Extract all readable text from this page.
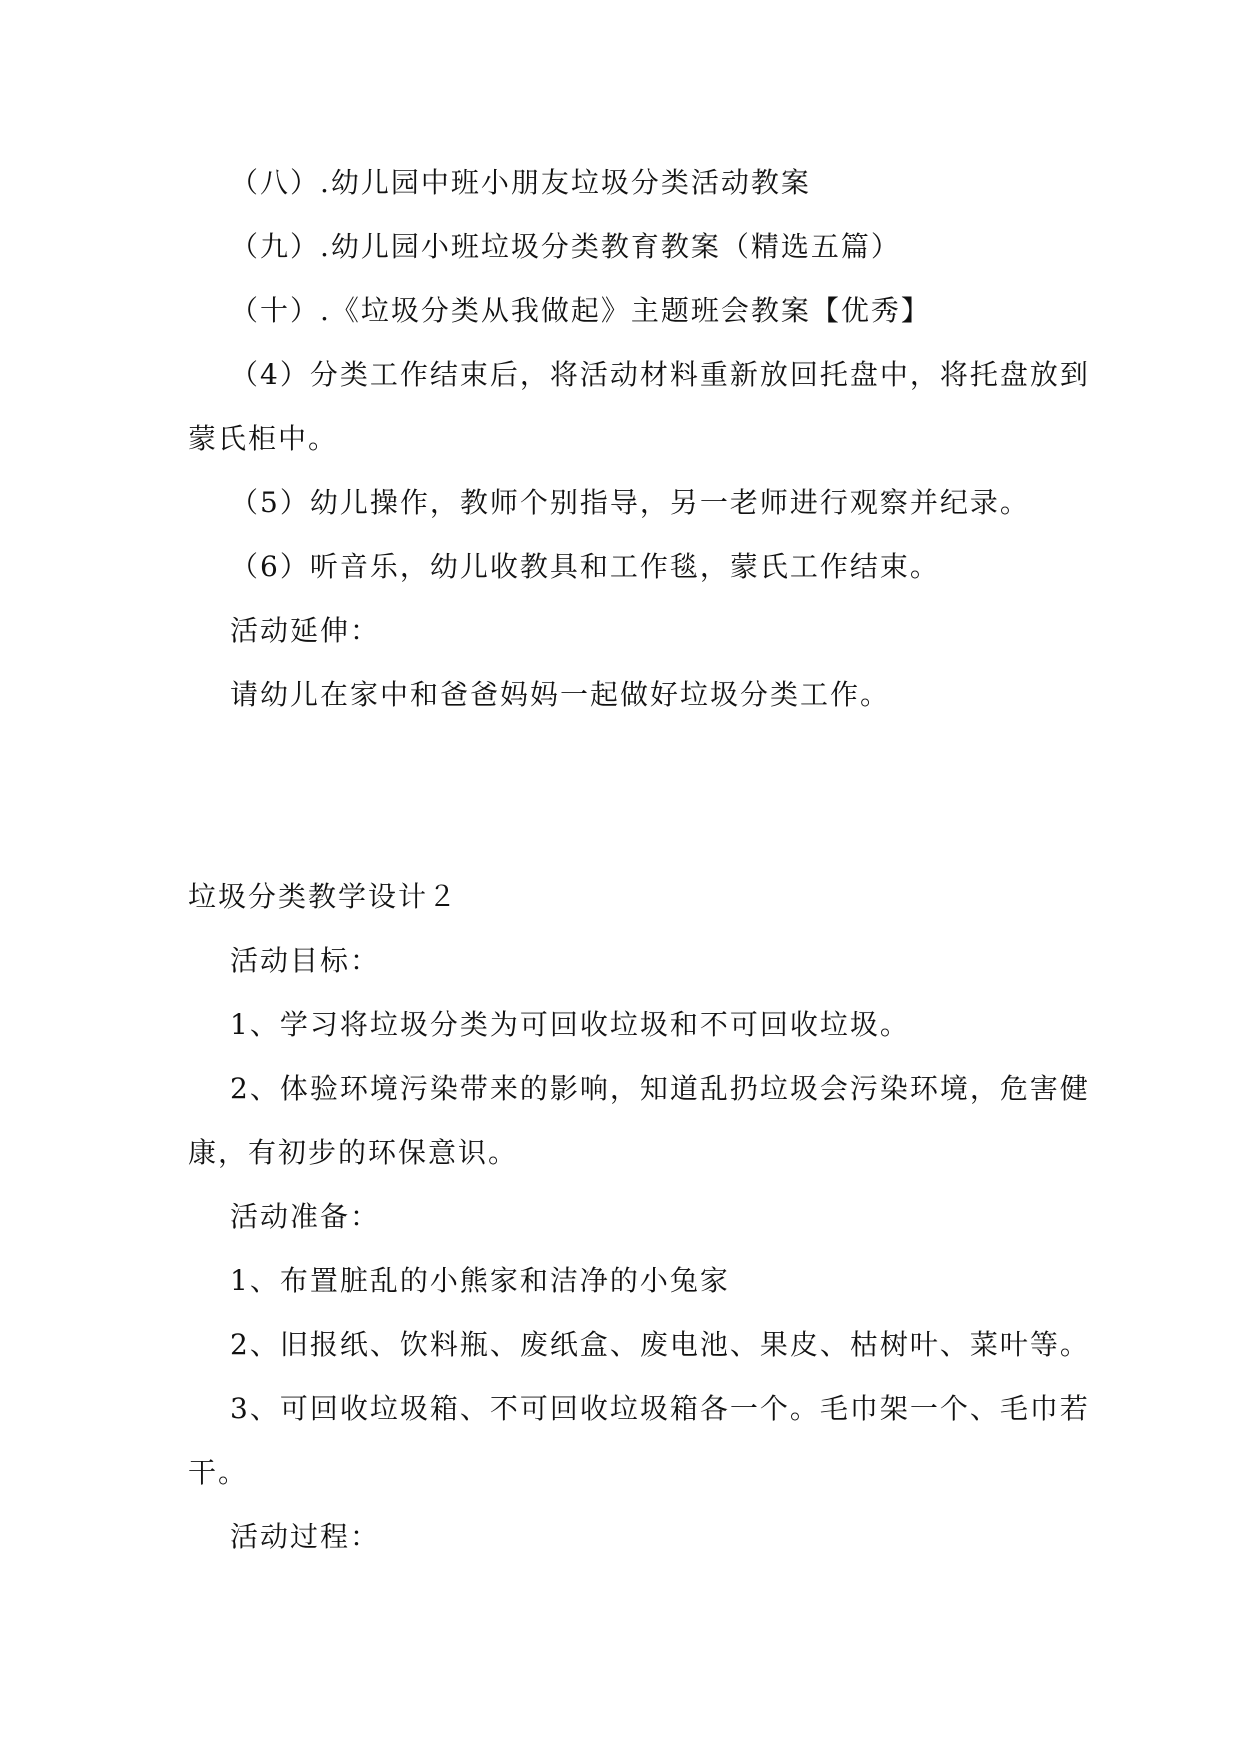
（八）.幼儿园中班小朋友垃圾分类活动教案
（九）.幼儿园小班垃圾分类教育教案（精选五篇）
（十）.《垃圾分类从我做起》主题班会教案【优秀】
（4）分类工作结束后，将活动材料重新放回托盘中，将托盘放到
蒙氏柜中。
（5）幼儿操作，教师个别指导，另一老师进行观察并纪录。
（6）听音乐，幼儿收教具和工作毯，蒙氏工作结束。
活动延伸：
请幼儿在家中和爸爸妈妈一起做好垃圾分类工作。
垃圾分类教学设计２
活动目标：
1、学习将垃圾分类为可回收垃圾和不可回收垃圾。
2、体验环境污染带来的影响，知道乱扔垃圾会污染环境，危害健
康，有初步的环保意识。
活动准备：
1、布置脏乱的小熊家和洁净的小兔家
2、旧报纸、饮料瓶、废纸盒、废电池、果皮、枯树叶、菜叶等。
3、可回收垃圾箱、不可回收垃圾箱各一个。毛巾架一个、毛巾若
干。
活动过程：
